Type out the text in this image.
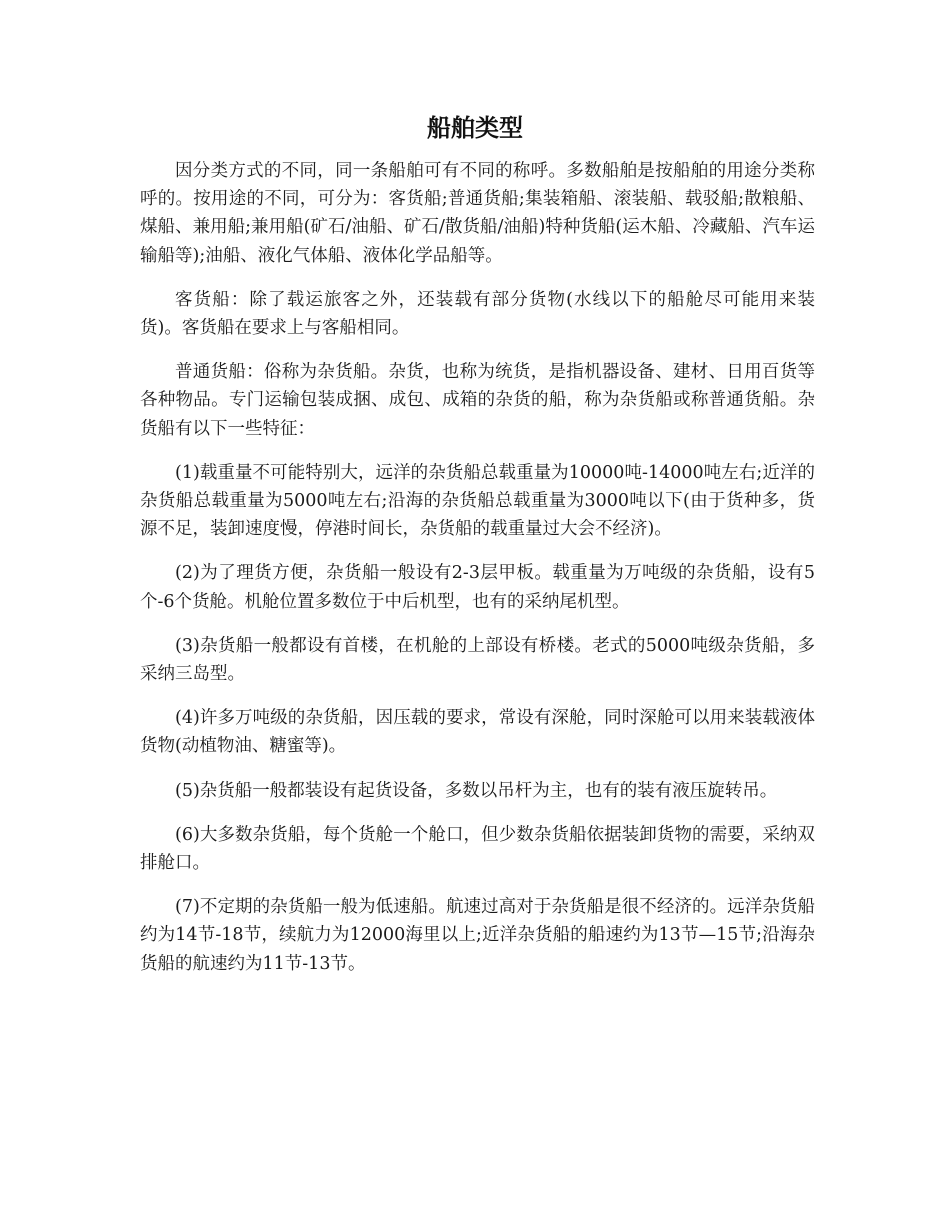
船舶类型

因分类方式的不同，同一条船舶可有不同的称呼。多数船舶是按船舶的用途分类称呼的。按用途的不同，可分为：客货船;普通货船;集装箱船、滚装船、载驳船;散粮船、煤船、兼用船;兼用船(矿石/油船、矿石/散货船/油船)特种货船(运木船、冷藏船、汽车运输船等);油船、液化气体船、液体化学品船等。

客货船：除了载运旅客之外，还装载有部分货物(水线以下的船舱尽可能用来装货)。客货船在要求上与客船相同。

普通货船：俗称为杂货船。杂货，也称为统货，是指机器设备、建材、日用百货等各种物品。专门运输包装成捆、成包、成箱的杂货的船，称为杂货船或称普通货船。杂货船有以下一些特征：

(1)载重量不可能特别大，远洋的杂货船总载重量为10000吨-14000吨左右;近洋的杂货船总载重量为5000吨左右;沿海的杂货船总载重量为3000吨以下(由于货种多，货源不足，装卸速度慢，停港时间长，杂货船的载重量过大会不经济)。

(2)为了理货方便，杂货船一般设有2-3层甲板。载重量为万吨级的杂货船，设有5个-6个货舱。机舱位置多数位于中后机型，也有的采纳尾机型。

(3)杂货船一般都设有首楼，在机舱的上部设有桥楼。老式的5000吨级杂货船，多采纳三岛型。

(4)许多万吨级的杂货船，因压载的要求，常设有深舱，同时深舱可以用来装载液体货物(动植物油、糖蜜等)。

(5)杂货船一般都装设有起货设备，多数以吊杆为主，也有的装有液压旋转吊。

(6)大多数杂货船，每个货舱一个舱口，但少数杂货船依据装卸货物的需要，采纳双排舱口。

(7)不定期的杂货船一般为低速船。航速过高对于杂货船是很不经济的。远洋杂货船约为14节-18节，续航力为12000海里以上;近洋杂货船的船速约为13节—15节;沿海杂货船的航速约为11节-13节。
